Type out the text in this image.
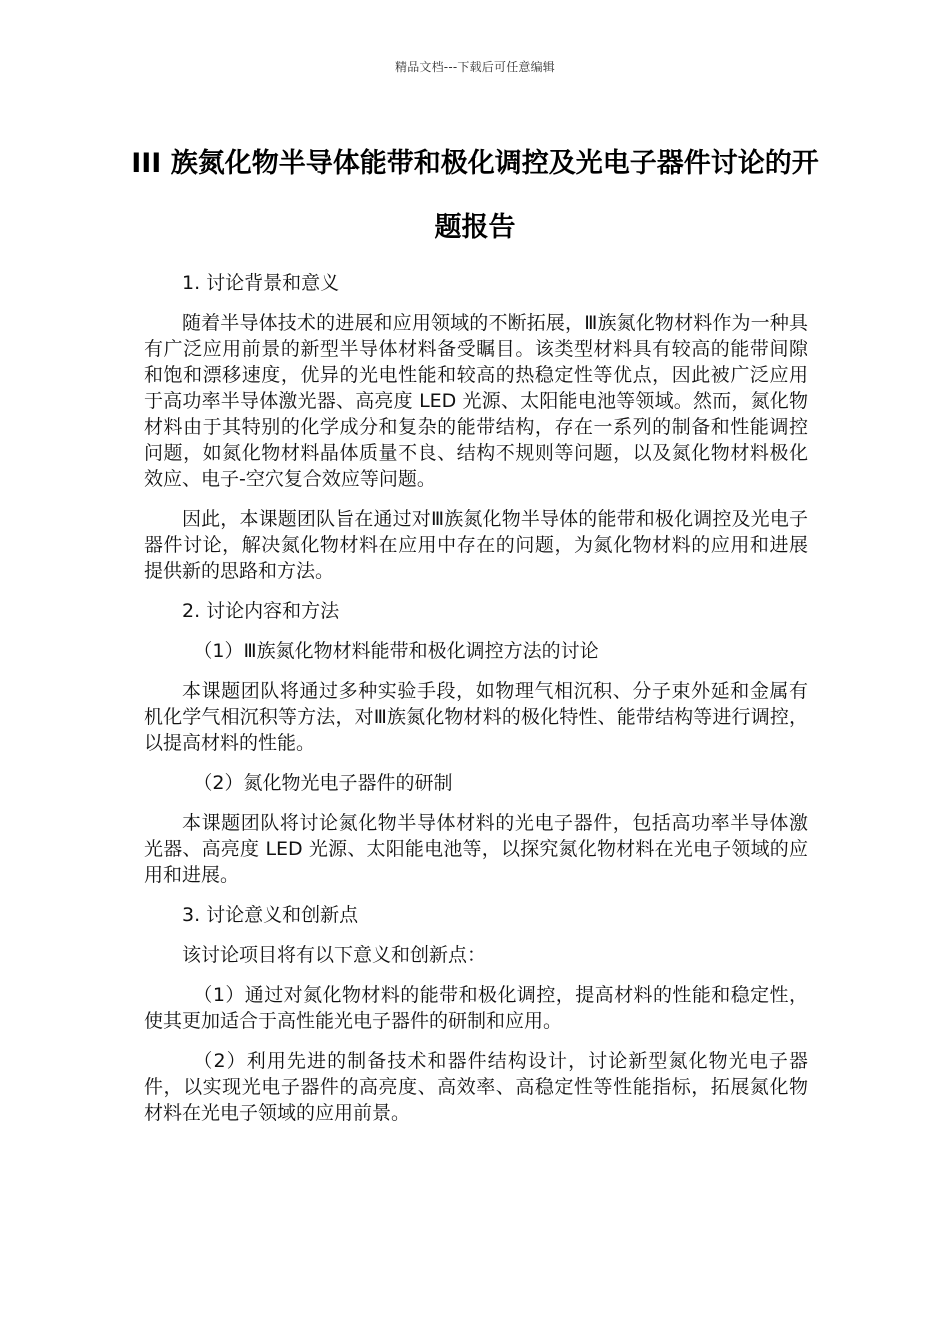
精品文档---下载后可任意编辑
III 族氮化物半导体能带和极化调控及光电子器件讨论的开题报告

1. 讨论背景和意义

随着半导体技术的进展和应用领域的不断拓展，Ⅲ族氮化物材料作为一种具有广泛应用前景的新型半导体材料备受瞩目。该类型材料具有较高的能带间隙和饱和漂移速度，优异的光电性能和较高的热稳定性等优点，因此被广泛应用于高功率半导体激光器、高亮度 LED 光源、太阳能电池等领域。然而，氮化物材料由于其特别的化学成分和复杂的能带结构，存在一系列的制备和性能调控问题，如氮化物材料晶体质量不良、结构不规则等问题，以及氮化物材料极化效应、电子-空穴复合效应等问题。

因此，本课题团队旨在通过对Ⅲ族氮化物半导体的能带和极化调控及光电子器件讨论，解决氮化物材料在应用中存在的问题，为氮化物材料的应用和进展提供新的思路和方法。

2. 讨论内容和方法

（1）Ⅲ族氮化物材料能带和极化调控方法的讨论

本课题团队将通过多种实验手段，如物理气相沉积、分子束外延和金属有机化学气相沉积等方法，对Ⅲ族氮化物材料的极化特性、能带结构等进行调控，以提高材料的性能。

（2）氮化物光电子器件的研制

本课题团队将讨论氮化物半导体材料的光电子器件，包括高功率半导体激光器、高亮度 LED 光源、太阳能电池等，以探究氮化物材料在光电子领域的应用和进展。

3. 讨论意义和创新点

该讨论项目将有以下意义和创新点：

（1）通过对氮化物材料的能带和极化调控，提高材料的性能和稳定性，使其更加适合于高性能光电子器件的研制和应用。

（2）利用先进的制备技术和器件结构设计，讨论新型氮化物光电子器件，以实现光电子器件的高亮度、高效率、高稳定性等性能指标，拓展氮化物材料在光电子领域的应用前景。
